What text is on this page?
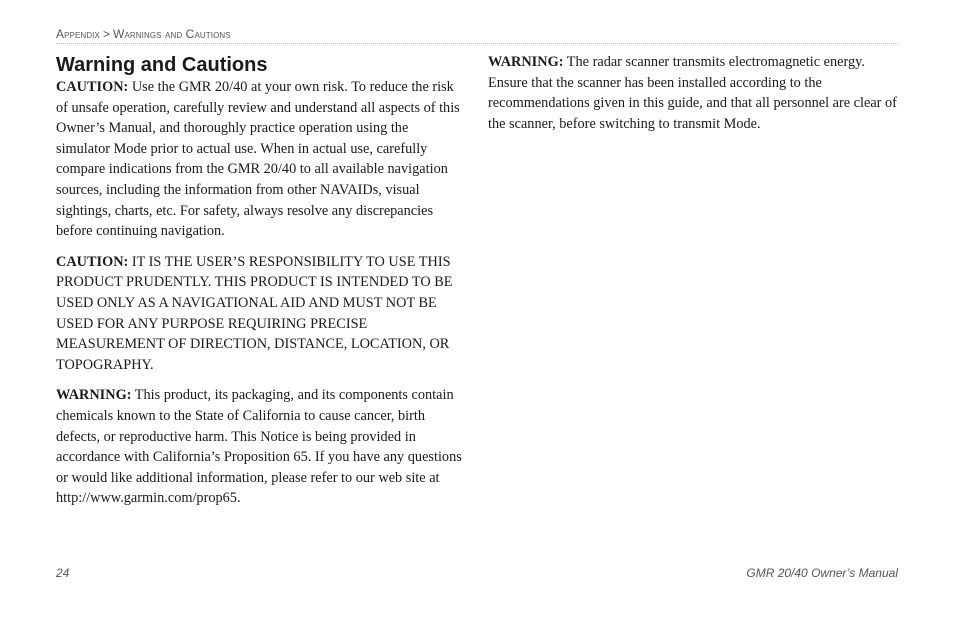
Appendix > Warnings and Cautions
Warning and Cautions

CAUTION: Use the GMR 20/40 at your own risk. To reduce the risk of unsafe operation, carefully review and understand all aspects of this Owner’s Manual, and thoroughly practice operation using the simulator Mode prior to actual use. When in actual use, carefully compare indications from the GMR 20/40 to all available navigation sources, including the information from other NAVAIDs, visual sightings, charts, etc. For safety, always resolve any discrepancies before continuing navigation.

CAUTION: IT IS THE USER’S RESPONSIBILITY TO USE THIS PRODUCT PRUDENTLY. THIS PRODUCT IS INTENDED TO BE USED ONLY AS A NAVIGATIONAL AID AND MUST NOT BE USED FOR ANY PURPOSE REQUIRING PRECISE MEASUREMENT OF DIRECTION, DISTANCE, LOCATION, OR TOPOGRAPHY.

WARNING: This product, its packaging, and its components contain chemicals known to the State of California to cause cancer, birth defects, or reproductive harm. This Notice is being provided in accordance with California’s Proposition 65. If you have any questions or would like additional information, please refer to our web site at http://www.garmin.com/prop65.

WARNING: The radar scanner transmits electromagnetic energy. Ensure that the scanner has been installed according to the recommendations given in this guide, and that all personnel are clear of the scanner, before switching to transmit Mode.

24	GMR 20/40 Owner’s Manual
